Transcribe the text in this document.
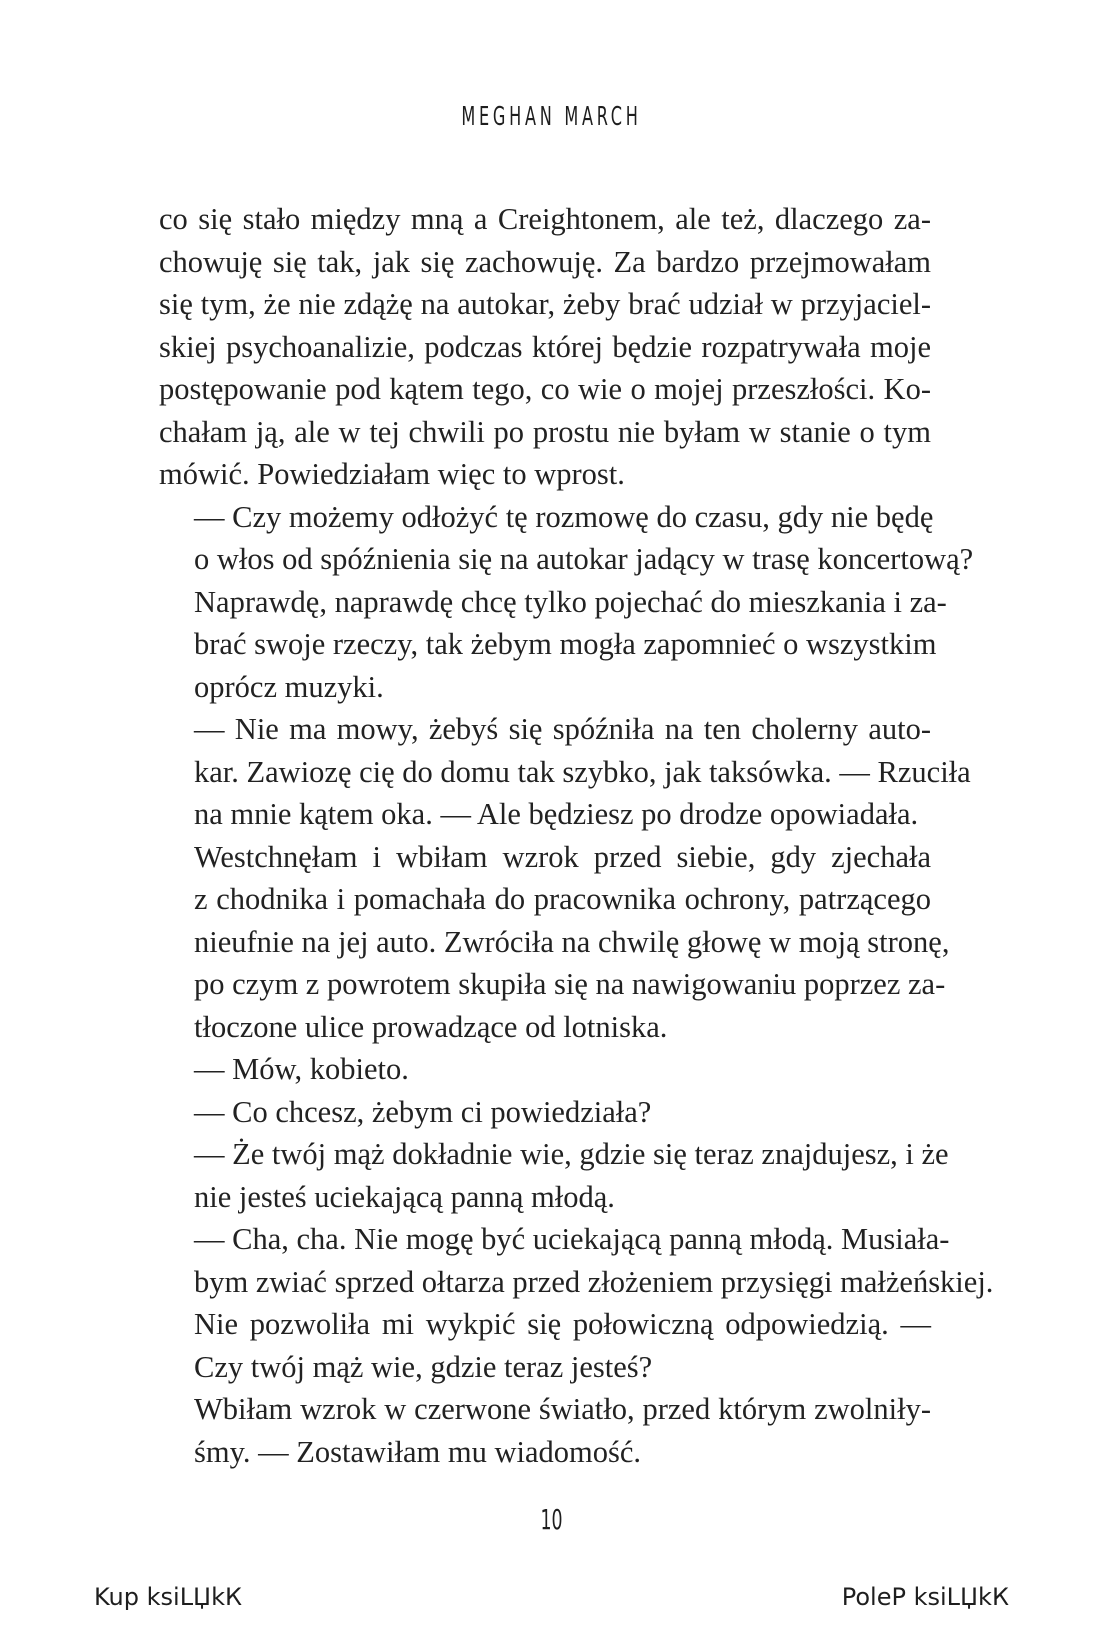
MEGHAN MARCH

co się stało między mną a Creightonem, ale też, dlaczego za-
chowuję się tak, jak się zachowuję. Za bardzo przejmowałam
się tym, że nie zdążę na autokar, żeby brać udział w przyjaciel-
skiej psychoanalizie, podczas której będzie rozpatrywała moje
postępowanie pod kątem tego, co wie o mojej przeszłości. Ko-
chałam ją, ale w tej chwili po prostu nie byłam w stanie o tym
mówić. Powiedziałam więc to wprost.

— Czy możemy odłożyć tę rozmowę do czasu, gdy nie będę
o włos od spóźnienia się na autokar jadący w trasę koncertową?
Naprawdę, naprawdę chcę tylko pojechać do mieszkania i za-
brać swoje rzeczy, tak żebym mogła zapomnieć o wszystkim
oprócz muzyki.

— Nie ma mowy, żebyś się spóźniła na ten cholerny auto-
kar. Zawiozę cię do domu tak szybko, jak taksówka. — Rzuciła
na mnie kątem oka. — Ale będziesz po drodze opowiadała.

Westchnęłam i wbiłam wzrok przed siebie, gdy zjechała
z chodnika i pomachała do pracownika ochrony, patrzącego
nieufnie na jej auto. Zwróciła na chwilę głowę w moją stronę,
po czym z powrotem skupiła się na nawigowaniu poprzez za-
tłoczone ulice prowadzące od lotniska.

— Mów, kobieto.

— Co chcesz, żebym ci powiedziała?

— Że twój mąż dokładnie wie, gdzie się teraz znajdujesz, i że
nie jesteś uciekającą panną młodą.

— Cha, cha. Nie mogę być uciekającą panną młodą. Musiała-
bym zwiać sprzed ołtarza przed złożeniem przysięgi małżeńskiej.

Nie pozwoliła mi wykpić się połowiczną odpowiedzią. —
Czy twój mąż wie, gdzie teraz jesteś?

Wbiłam wzrok w czerwone światło, przed którym zwolniły-
śmy. — Zostawiłam mu wiadomość.

10
Kup ksiLЏkК	PoleР ksiLЏkК
